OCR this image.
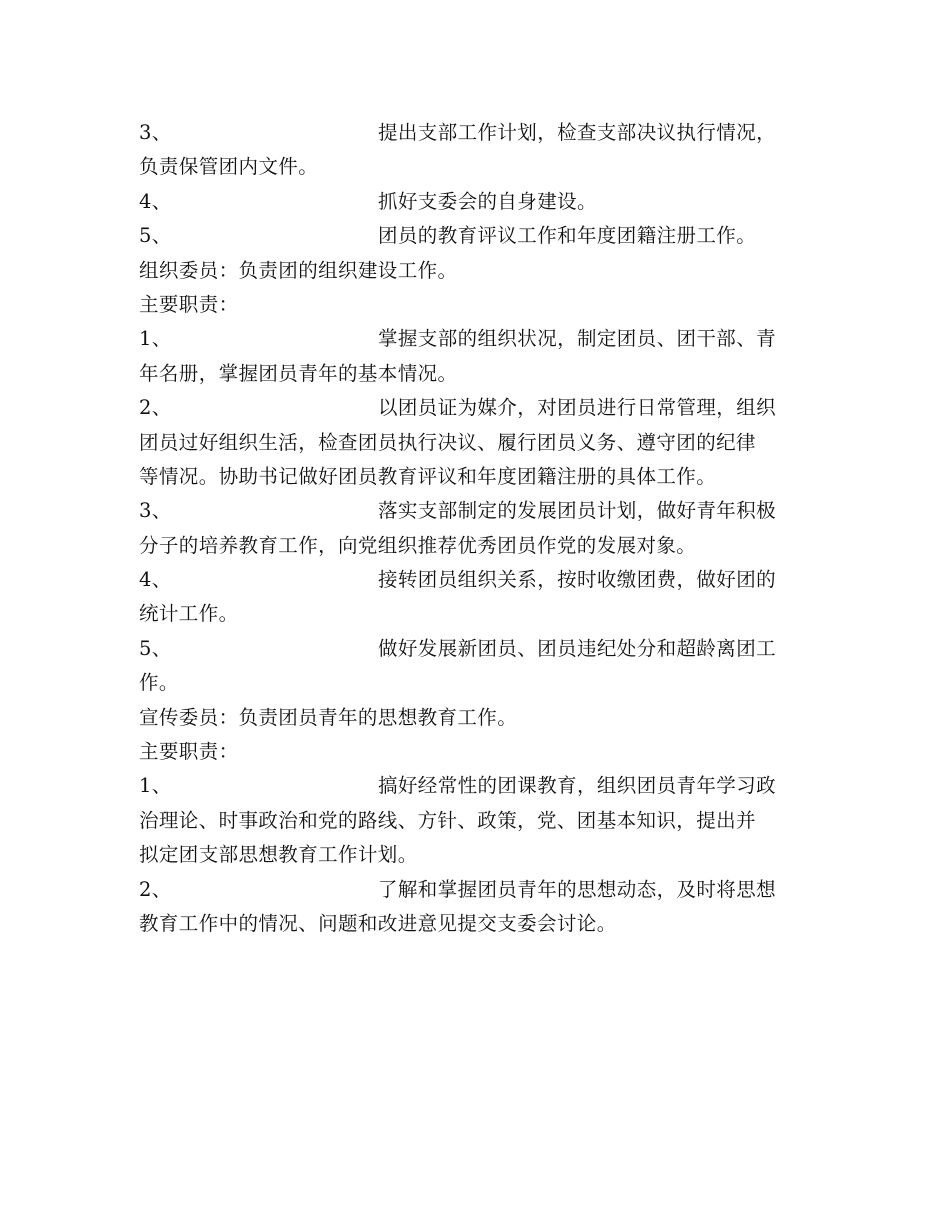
3、	提出支部工作计划，检查支部决议执行情况，
负责保管团内文件。
4、	抓好支委会的自身建设。
5、	团员的教育评议工作和年度团籍注册工作。
组织委员：负责团的组织建设工作。
主要职责：
1、	掌握支部的组织状况，制定团员、团干部、青
年名册，掌握团员青年的基本情况。
2、	以团员证为媒介，对团员进行日常管理，组织
团员过好组织生活，检查团员执行决议、履行团员义务、遵守团的纪律
等情况。协助书记做好团员教育评议和年度团籍注册的具体工作。
3、	落实支部制定的发展团员计划，做好青年积极
分子的培养教育工作，向党组织推荐优秀团员作党的发展对象。
4、	接转团员组织关系，按时收缴团费，做好团的
统计工作。
5、	做好发展新团员、团员违纪处分和超龄离团工
作。
宣传委员：负责团员青年的思想教育工作。
主要职责：
1、	搞好经常性的团课教育，组织团员青年学习政
治理论、时事政治和党的路线、方针、政策，党、团基本知识，提出并
拟定团支部思想教育工作计划。
2、	了解和掌握团员青年的思想动态，及时将思想
教育工作中的情况、问题和改进意见提交支委会讨论。
